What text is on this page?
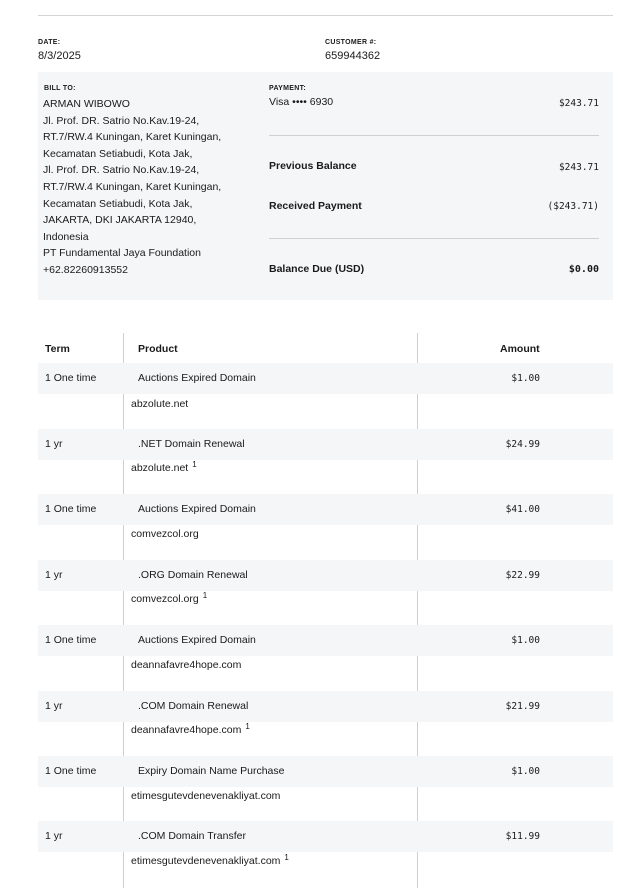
DATE:
8/3/2025
CUSTOMER #:
659944362
BILL TO:
ARMAN WIBOWO
Jl. Prof. DR. Satrio No.Kav.19-24,
RT.7/RW.4 Kuningan, Karet Kuningan,
Kecamatan Setiabudi, Kota Jak,
Jl. Prof. DR. Satrio No.Kav.19-24,
RT.7/RW.4 Kuningan, Karet Kuningan,
Kecamatan Setiabudi, Kota Jak,
JAKARTA, DKI JAKARTA 12940,
Indonesia
PT Fundamental Jaya Foundation
+62.82260913552
PAYMENT:
Visa •••• 6930	$243.71
Previous Balance	$243.71
Received Payment	($243.71)
Balance Due (USD)	$0.00
Term	Product	Amount
1 One time	Auctions Expired Domain	$1.00
abzolute.net
1 yr	.NET Domain Renewal	$24.99
abzolute.net $^1$
1 One time	Auctions Expired Domain	$41.00
comvezcol.org
1 yr	.ORG Domain Renewal	$22.99
comvezcol.org $^1$
1 One time	Auctions Expired Domain	$1.00
deannafavre4hope.com
1 yr	.COM Domain Renewal	$21.99
deannafavre4hope.com $^1$
1 One time	Expiry Domain Name Purchase	$1.00
etimesgutevdenevenakliyat.com
1 yr	.COM Domain Transfer	$11.99
etimesgutevdenevenakliyat.com $^1$
